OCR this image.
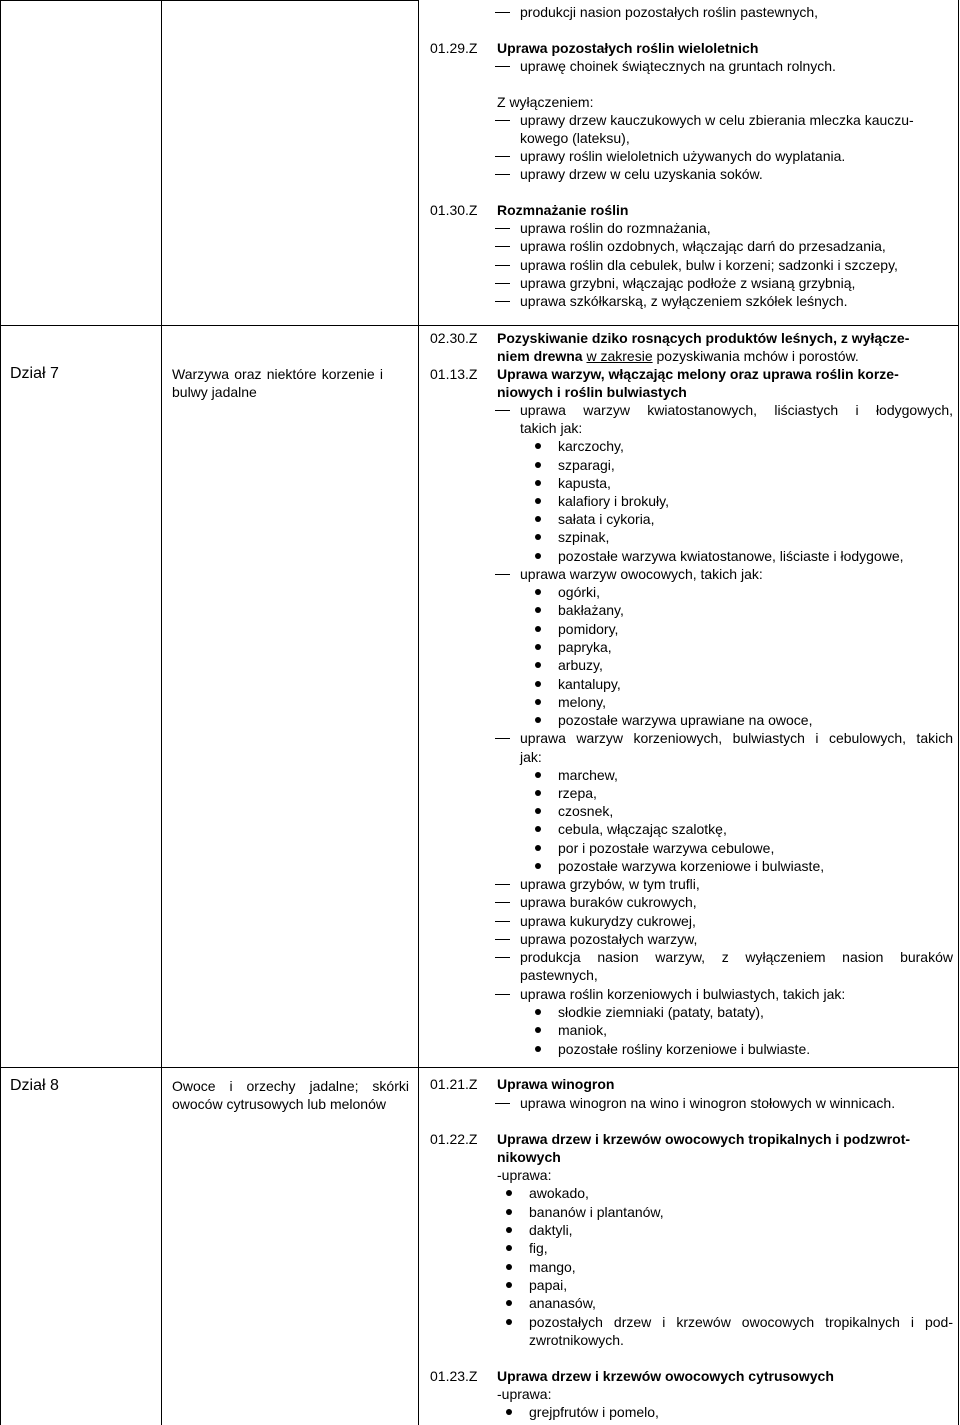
Dział 7	Warzywa oraz niektóre korzenie i
bulwy jadalne
Dział 8	Owoce i orzechy jadalne; skórki
owoców cytrusowych lub melonów
produkcji nasion pozostałych roślin pastewnych,
01.29.Z Uprawa pozostałych roślin wieloletnich
uprawę choinek świątecznych na gruntach rolnych.
Z wyłączeniem:
uprawy drzew kauczukowych w celu zbierania mleczka kauczu-
kowego (lateksu),
uprawy roślin wieloletnich używanych do wyplatania.
uprawy drzew w celu uzyskania soków.
01.30.Z Rozmnażanie roślin
uprawa roślin do rozmnażania,
uprawa roślin ozdobnych, włączając darń do przesadzania,
uprawa roślin dla cebulek, bulw i korzeni; sadzonki i szczepy,
uprawa grzybni, włączając podłoże z wsianą grzybnią,
uprawa szkółkarską, z wyłączeniem szkółek leśnych.
02.30.Z Pozyskiwanie dziko rosnących produktów leśnych, z wyłącze-
01.13.Z Uprawa warzyw, włączając melony oraz uprawa roślin korze-
niowych i roślin bulwiastych
uprawa warzyw kwiatostanowych, liściastych i łodygowych,
takich jak:
karczochy,
szparagi,
kapusta,
kalafiory i brokuły,
sałata i cykoria,
szpinak,
pozostałe warzywa kwiatostanowe, liściaste i łodygowe,
uprawa warzyw owocowych, takich jak:
ogórki,
bakłażany,
pomidory,
papryka,
arbuzy,
kantalupy,
melony,
pozostałe warzywa uprawiane na owoce,
uprawa warzyw korzeniowych, bulwiastych i cebulowych, takich
jak:
marchew,
rzepa,
czosnek,
cebula, włączając szalotkę,
por i pozostałe warzywa cebulowe,
pozostałe warzywa korzeniowe i bulwiaste,
uprawa grzybów, w tym trufli,
uprawa buraków cukrowych,
uprawa kukurydzy cukrowej,
uprawa pozostałych warzyw,
produkcja nasion warzyw, z wyłączeniem nasion buraków
pastewnych,
uprawa roślin korzeniowych i bulwiastych, takich jak:
słodkie ziemniaki (pataty, bataty),
maniok,
pozostałe rośliny korzeniowe i bulwiaste.
01.21.Z Uprawa winogron
uprawa winogron na wino i winogron stołowych w winnicach.
01.22.Z Uprawa drzew i krzewów owocowych tropikalnych i podzwrot-
nikowych
-uprawa:
awokado,
bananów i plantanów,
daktyli,
fig,
mango,
papai,
ananasów,
pozostałych drzew i krzewów owocowych tropikalnych i pod-
zwrotnikowych.
01.23.Z Uprawa drzew i krzewów owocowych cytrusowych
-uprawa:
grejpfrutów i pomelo,
niem drewna w zakresie pozyskiwania mchów i porostów.
